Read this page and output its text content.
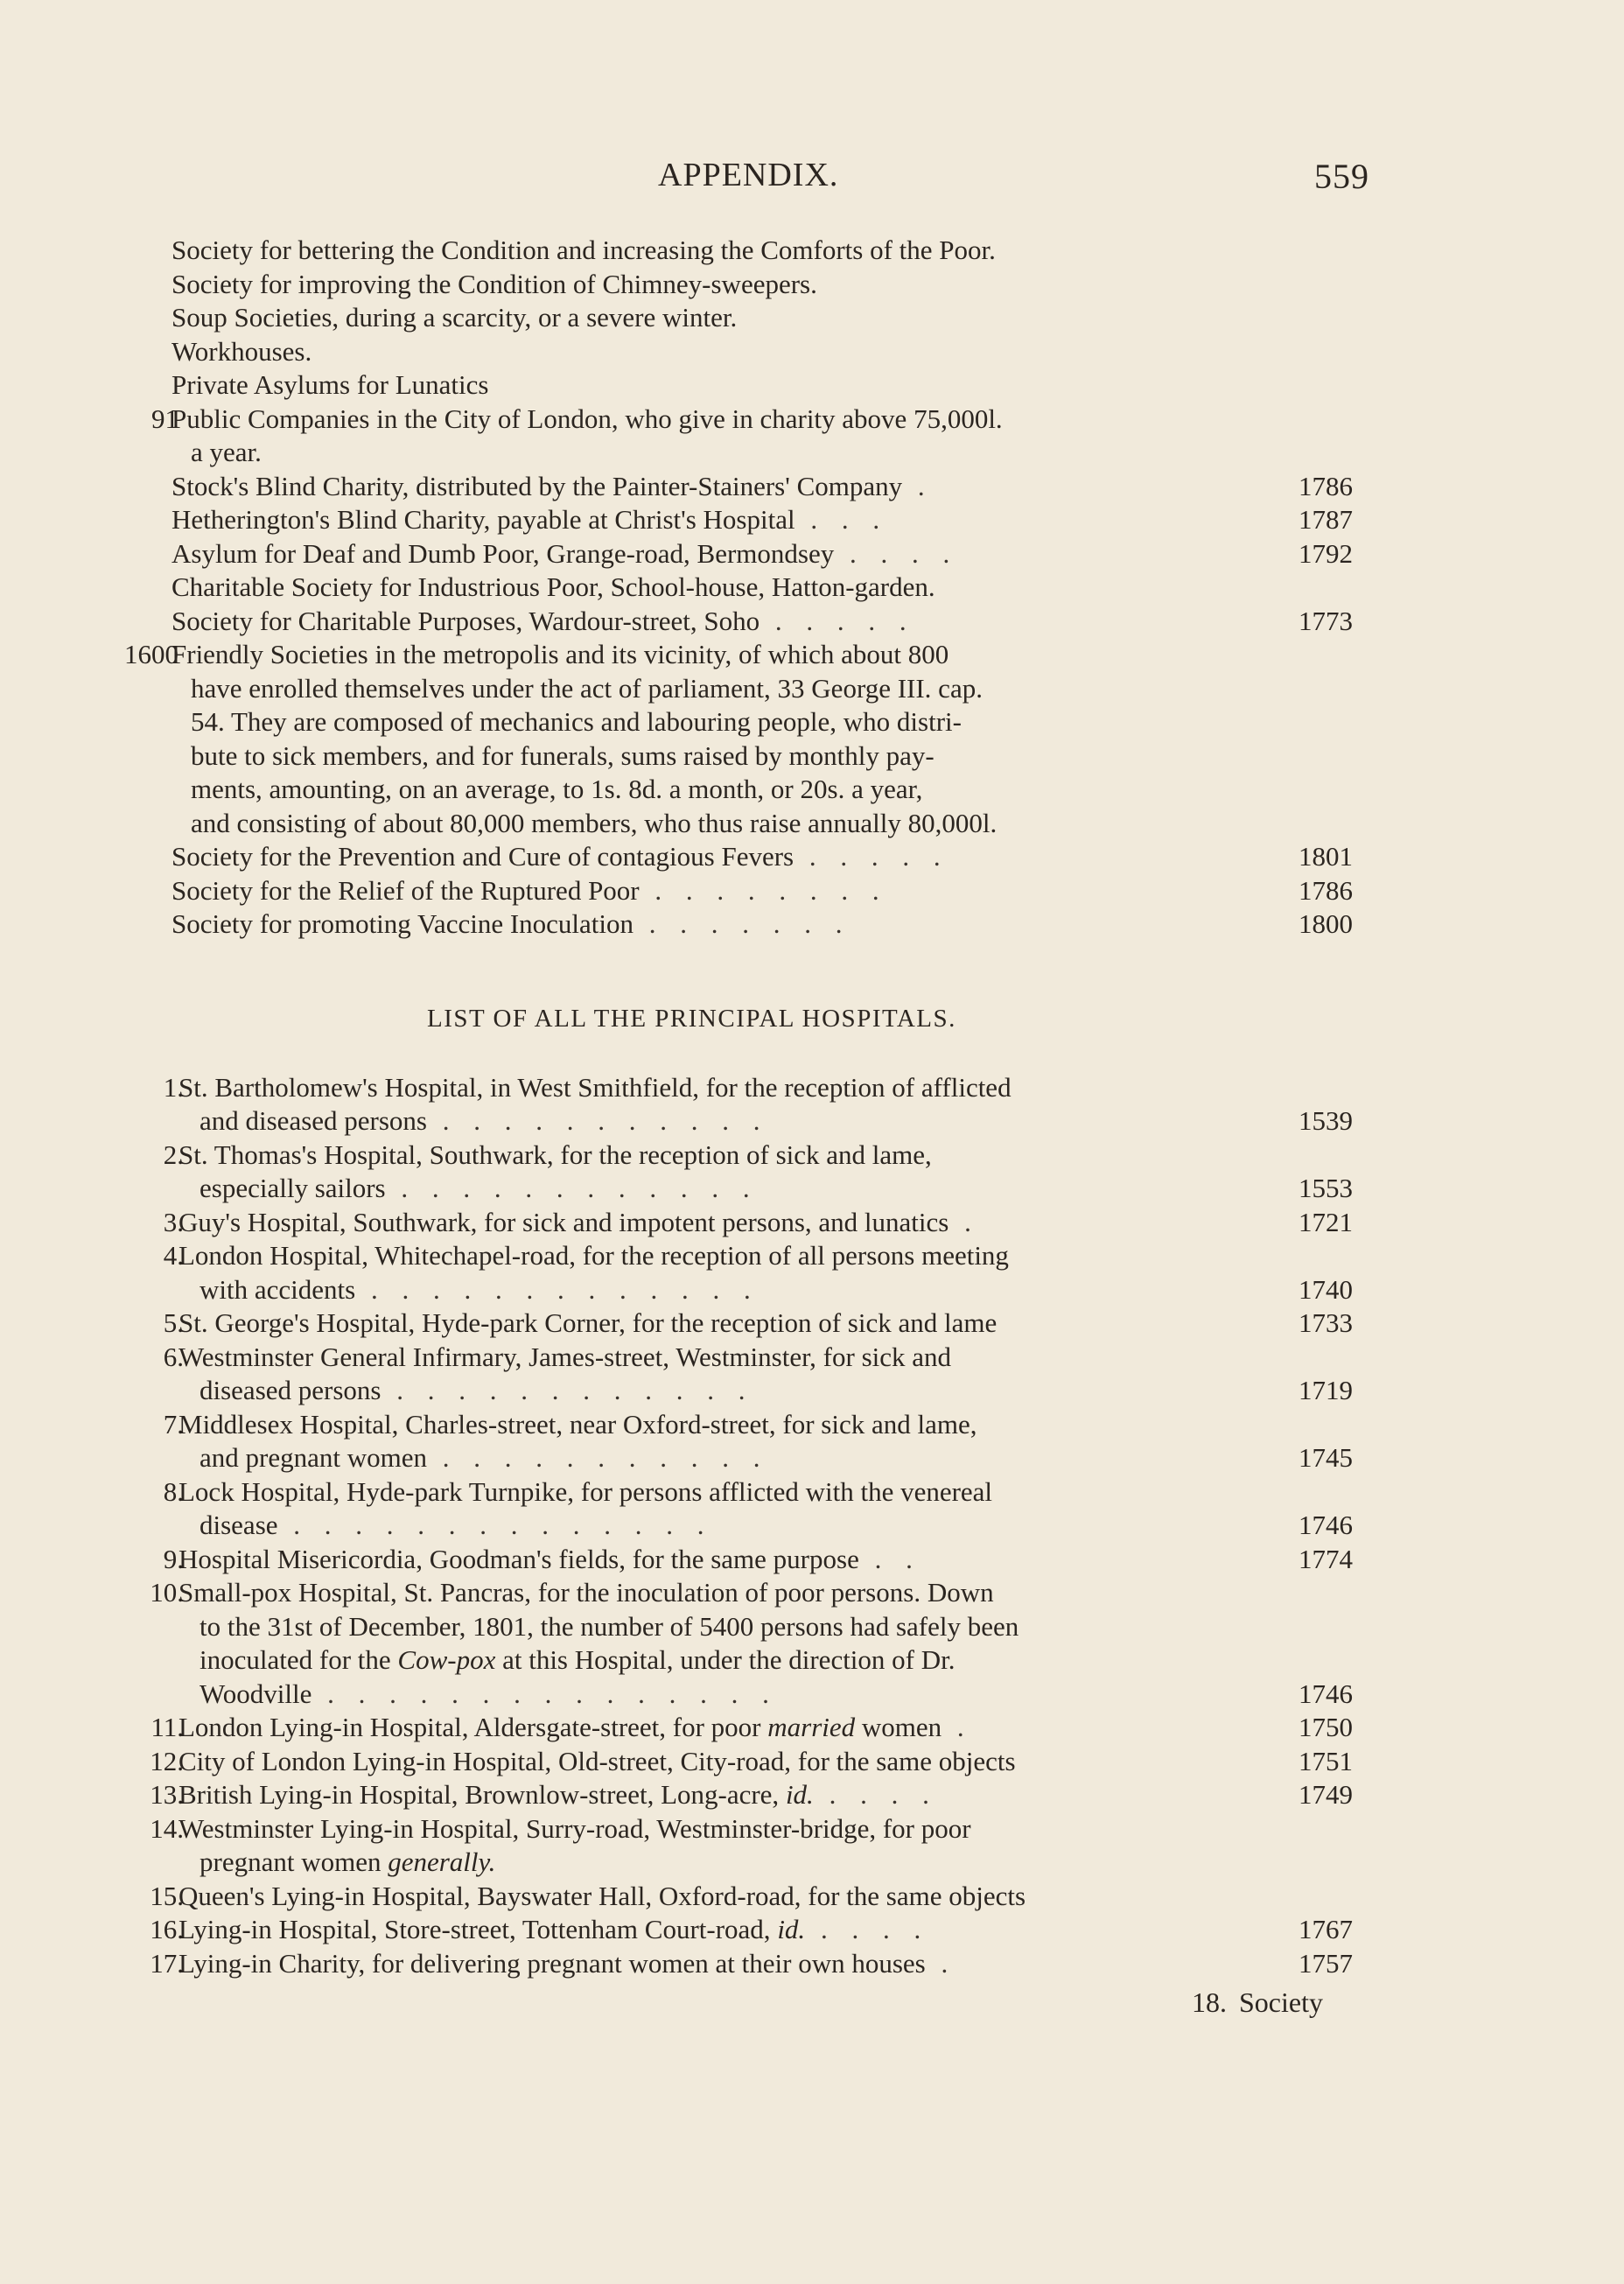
APPENDIX.	559
Society for bettering the Condition and increasing the Comforts of the Poor.
Society for improving the Condition of Chimney-sweepers.
Soup Societies, during a scarcity, or a severe winter.
Workhouses.
Private Asylums for Lunatics
91
Public Companies in the City of London, who give in charity above 75,000l.
a year.
Stock's Blind Charity, distributed by the Painter-Stainers' Company .	1786
Hetherington's Blind Charity, payable at Christ's Hospital . . .	1787
Asylum for Deaf and Dumb Poor, Grange-road, Bermondsey . . . .	1792
Charitable Society for Industrious Poor, School-house, Hatton-garden.
Society for Charitable Purposes, Wardour-street, Soho . . . . .	1773
1600
Friendly Societies in the metropolis and its vicinity, of which about 800
have enrolled themselves under the act of parliament, 33 George III. cap.
54. They are composed of mechanics and labouring people, who distri-
bute to sick members, and for funerals, sums raised by monthly pay-
ments, amounting, on an average, to 1s. 8d. a month, or 20s. a year,
and consisting of about 80,000 members, who thus raise annually 80,000l.
Society for the Prevention and Cure of contagious Fevers . . . . .	1801
Society for the Relief of the Ruptured Poor . . . . . . . .	1786
Society for promoting Vaccine Inoculation . . . . . . .	1800
LIST OF ALL THE PRINCIPAL HOSPITALS.
1.
St. Bartholomew's Hospital, in West Smithfield, for the reception of afflicted
and diseased persons . . . . . . . . . . .	1539
2.
St. Thomas's Hospital, Southwark, for the reception of sick and lame,
especially sailors . . . . . . . . . . . .	1553
3.
Guy's Hospital, Southwark, for sick and impotent persons, and lunatics .	1721
4.
London Hospital, Whitechapel-road, for the reception of all persons meeting
with accidents . . . . . . . . . . . . .	1740
5.
St. George's Hospital, Hyde-park Corner, for the reception of sick and lame	1733
6.
Westminster General Infirmary, James-street, Westminster, for sick and
diseased persons . . . . . . . . . . . .	1719
7.
Middlesex Hospital, Charles-street, near Oxford-street, for sick and lame,
and pregnant women . . . . . . . . . . .	1745
8.
Lock Hospital, Hyde-park Turnpike, for persons afflicted with the venereal
disease . . . . . . . . . . . . . .	1746
9.
Hospital Misericordia, Goodman's fields, for the same purpose . .	1774
10.
Small-pox Hospital, St. Pancras, for the inoculation of poor persons. Down
to the 31st of December, 1801, the number of 5400 persons had safely been
inoculated for the Cow-pox at this Hospital, under the direction of Dr.
Woodville . . . . . . . . . . . . . . .	1746
11.
London Lying-in Hospital, Aldersgate-street, for poor married women .	1750
12.
City of London Lying-in Hospital, Old-street, City-road, for the same objects	1751
13.
British Lying-in Hospital, Brownlow-street, Long-acre, id. . . . .	1749
14.
Westminster Lying-in Hospital, Surry-road, Westminster-bridge, for poor
pregnant women generally.
15.
Queen's Lying-in Hospital, Bayswater Hall, Oxford-road, for the same objects
16.
Lying-in Hospital, Store-street, Tottenham Court-road, id. . . . .	1767
17.
Lying-in Charity, for delivering pregnant women at their own houses .	1757
18. Society
